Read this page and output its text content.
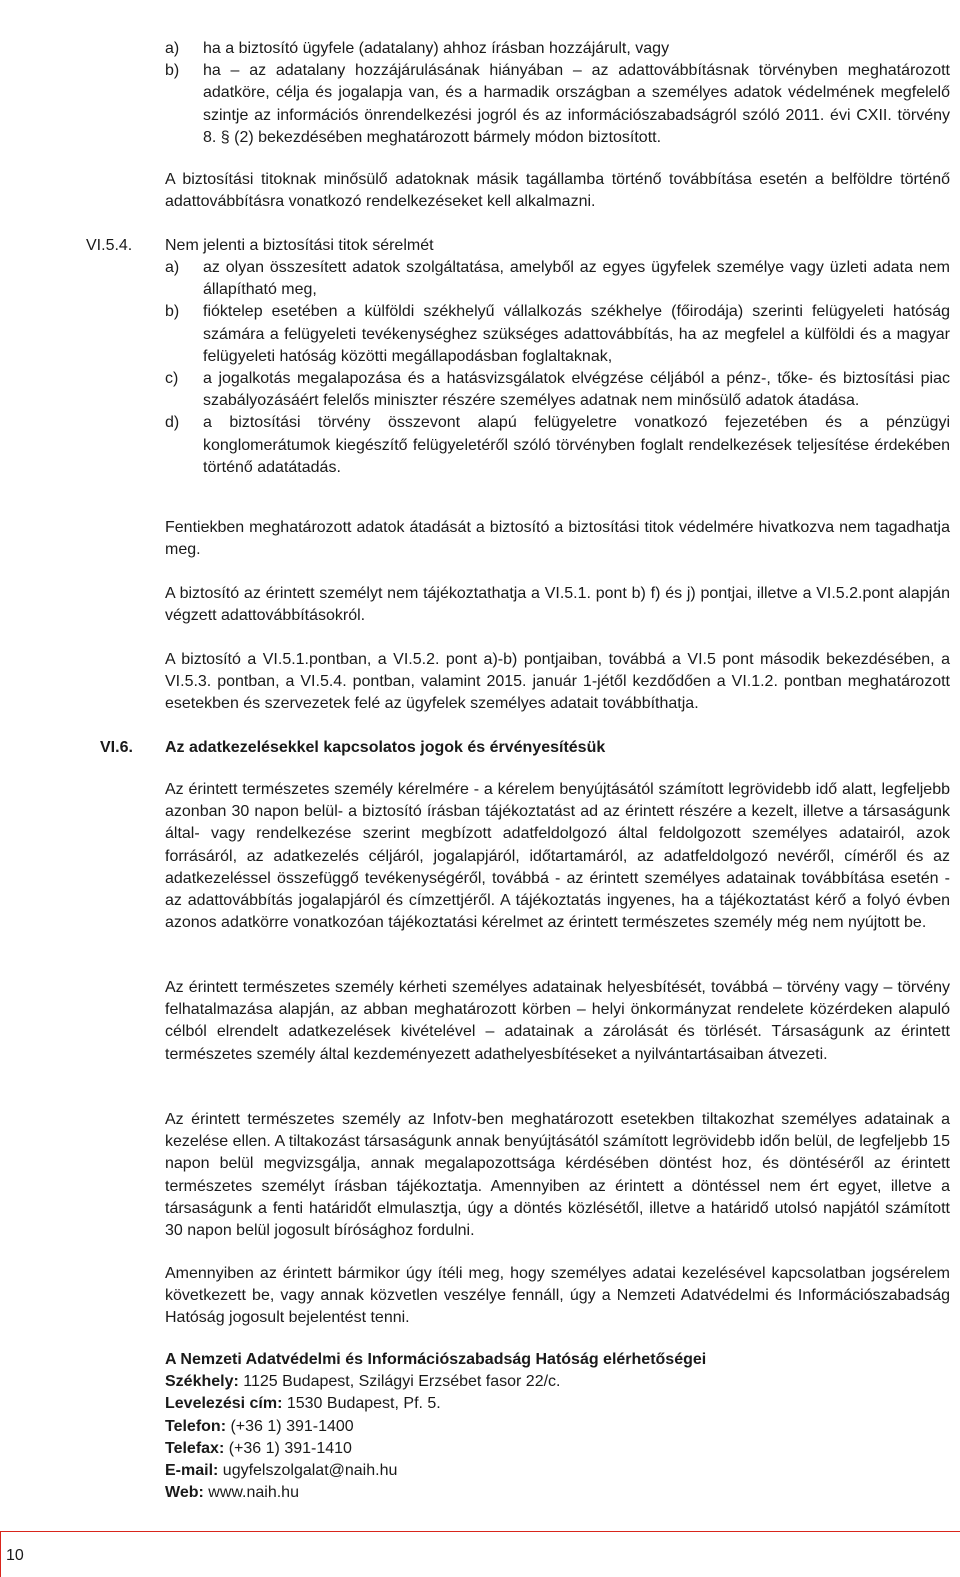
a)	ha a biztosító ügyfele (adatalany) ahhoz írásban hozzájárult, vagy
b)	ha – az adatalany hozzájárulásának hiányában – az adattovábbításnak törvényben meghatározott adatköre, célja és jogalapja van, és a harmadik országban a személyes adatok védelmének megfelelő szintje az információs önrendelkezési jogról és az információszabadságról szóló 2011. évi CXII. törvény 8. § (2) bekezdésében meghatározott bármely módon biztosított.
A biztosítási titoknak minősülő adatoknak másik tagállamba történő továbbítása esetén a belföldre történő adattovábbításra vonatkozó rendelkezéseket kell alkalmazni.
VI.5.4.	Nem jelenti a biztosítási titok sérelmét
a)	az olyan összesített adatok szolgáltatása, amelyből az egyes ügyfelek személye vagy üzleti adata nem állapítható meg,
b)	fióktelep esetében a külföldi székhelyű vállalkozás székhelye (főirodája) szerinti felügyeleti hatóság számára a felügyeleti tevékenységhez szükséges adattovábbítás, ha az megfelel a külföldi és a magyar felügyeleti hatóság közötti megállapodásban foglaltaknak,
c)	a jogalkotás megalapozása és a hatásvizsgálatok elvégzése céljából a pénz-, tőke- és biztosítási piac szabályozásáért felelős miniszter részére személyes adatnak nem minősülő adatok átadása.
d)	a biztosítási törvény összevont alapú felügyeletre vonatkozó fejezetében és a pénzügyi konglomerátumok kiegészítő felügyeletéről szóló törvényben foglalt rendelkezések teljesítése érdekében történő adatátadás.
Fentiekben meghatározott adatok átadását a biztosító a biztosítási titok védelmére hivatkozva nem tagadhatja meg.
A biztosító az érintett személyt nem tájékoztathatja a VI.5.1. pont b) f) és j) pontjai, illetve a VI.5.2.pont alapján végzett adattovábbításokról.
A biztosító a VI.5.1.pontban, a VI.5.2. pont a)-b) pontjaiban, továbbá a VI.5 pont második bekezdésében, a VI.5.3. pontban, a VI.5.4. pontban, valamint 2015. január 1-jétől kezdődően a VI.1.2. pontban meghatározott esetekben és szervezetek felé az ügyfelek személyes adatait továbbíthatja.
VI.6.	Az adatkezelésekkel kapcsolatos jogok és érvényesítésük
Az érintett természetes személy kérelmére - a kérelem benyújtásától számított legrövidebb idő alatt, legfeljebb azonban 30 napon belül- a biztosító írásban tájékoztatást ad az érintett részére a kezelt, illetve a társaságunk által- vagy rendelkezése szerint megbízott adatfeldolgozó által feldolgozott személyes adatairól, azok forrásáról, az adatkezelés céljáról, jogalapjáról, időtartamáról, az adatfeldolgozó nevéről, címéről és az adatkezeléssel összefüggő tevékenységéről, továbbá - az érintett személyes adatainak továbbítása esetén - az adattovábbítás jogalapjáról és címzettjéről. A tájékoztatás ingyenes, ha a tájékoztatást kérő a folyó évben azonos adatkörre vonatkozóan tájékoztatási kérelmet az érintett természetes személy még nem nyújtott be.
Az érintett természetes személy kérheti személyes adatainak helyesbítését, továbbá – törvény vagy – törvény felhatalmazása alapján, az abban meghatározott körben – helyi önkormányzat rendelete közérdeken alapuló célból elrendelt adatkezelések kivételével – adatainak a zárolását és törlését. Társaságunk az érintett természetes személy által kezdeményezett adathelyesbítéseket a nyilvántartásaiban átvezeti.
Az érintett természetes személy az Infotv-ben meghatározott esetekben tiltakozhat személyes adatainak a kezelése ellen. A tiltakozást társaságunk annak benyújtásától számított legrövidebb időn belül, de legfeljebb 15 napon belül megvizsgálja, annak megalapozottsága kérdésében döntést hoz, és döntéséről az érintett természetes személyt írásban tájékoztatja. Amennyiben az érintett a döntéssel nem ért egyet, illetve a társaságunk a fenti határidőt elmulasztja, úgy a döntés közlésétől, illetve a határidő utolsó napjától számított 30 napon belül jogosult bírósághoz fordulni.
Amennyiben az érintett bármikor úgy ítéli meg, hogy személyes adatai kezelésével kapcsolatban jogsérelem következett be, vagy annak közvetlen veszélye fennáll, úgy a Nemzeti Adatvédelmi és Információszabadság Hatóság jogosult bejelentést tenni.
A Nemzeti Adatvédelmi és Információszabadság Hatóság elérhetőségei
Székhely: 1125 Budapest, Szilágyi Erzsébet fasor 22/c.
Levelezési cím: 1530 Budapest, Pf. 5.
Telefon: (+36 1) 391-1400
Telefax: (+36 1) 391-1410
E-mail: ugyfelszolgalat@naih.hu
Web: www.naih.hu
10
